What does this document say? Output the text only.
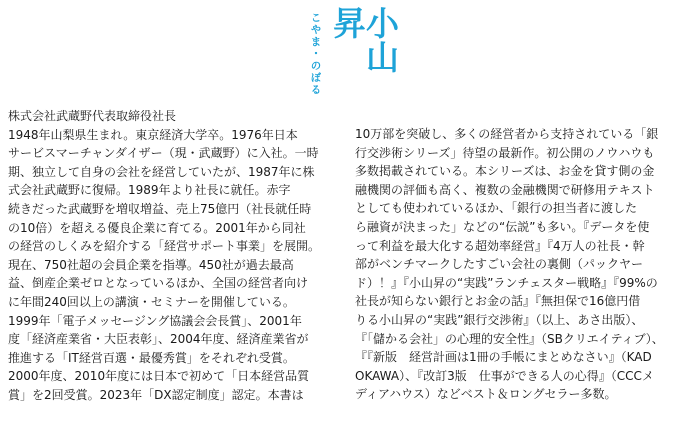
こやま・のぼる	小山昇
株式会社武蔵野代表取締役社長
1948年山梨県生まれ。東京経済大学卒。1976年日本
サービスマーチャンダイザー（現・武蔵野）に入社。一時
期、独立して自身の会社を経営していたが、1987年に株
式会社武蔵野に復帰。1989年より社長に就任。赤字
続きだった武蔵野を増収増益、売上75億円（社長就任時
の10倍）を超える優良企業に育てる。2001年から同社
の経営のしくみを紹介する「経営サポート事業」を展開。
現在、750社超の会員企業を指導。450社が過去最高
益、倒産企業ゼロとなっているほか、全国の経営者向け
に年間240回以上の講演・セミナーを開催している。
1999年「電子メッセージング協議会会長賞」、2001年
度「経済産業省・大臣表彰」、2004年度、経済産業省が
推進する「IT経営百選・最優秀賞」をそれぞれ受賞。
2000年度、2010年度には日本で初めて「日本経営品質
賞」を2回受賞。2023年「DX認定制度」認定。本書は
10万部を突破し、多くの経営者から支持されている「銀
行交渉術シリーズ」待望の最新作。初公開のノウハウも
多数掲載されている。本シリーズは、お金を貸す側の金
融機関の評価も高く、複数の金融機関で研修用テキスト
としても使われているほか、「銀行の担当者に渡した
ら融資が決まった」などの“伝説”も多い。『データを使
って利益を最大化する超効率経営』『4万人の社長・幹
部がベンチマークしたすごい会社の裏側（パックヤー
ド）！』『小山昇の“実践”ランチェスター戦略』『99%の
社長が知らない銀行とお金の話』『無担保で16億円借
りる小山昇の“実践”銀行交渉術』（以上、あさ出版）、
『「儲かる会社」の心理的安全性』（SBクリエイティブ）、
『『新版　経営計画は1冊の手帳にまとめなさい』（KAD
OKAWA）、『改訂3版　仕事ができる人の心得』（CCCメ
ディアハウス）などベスト＆ロングセラー多数。
